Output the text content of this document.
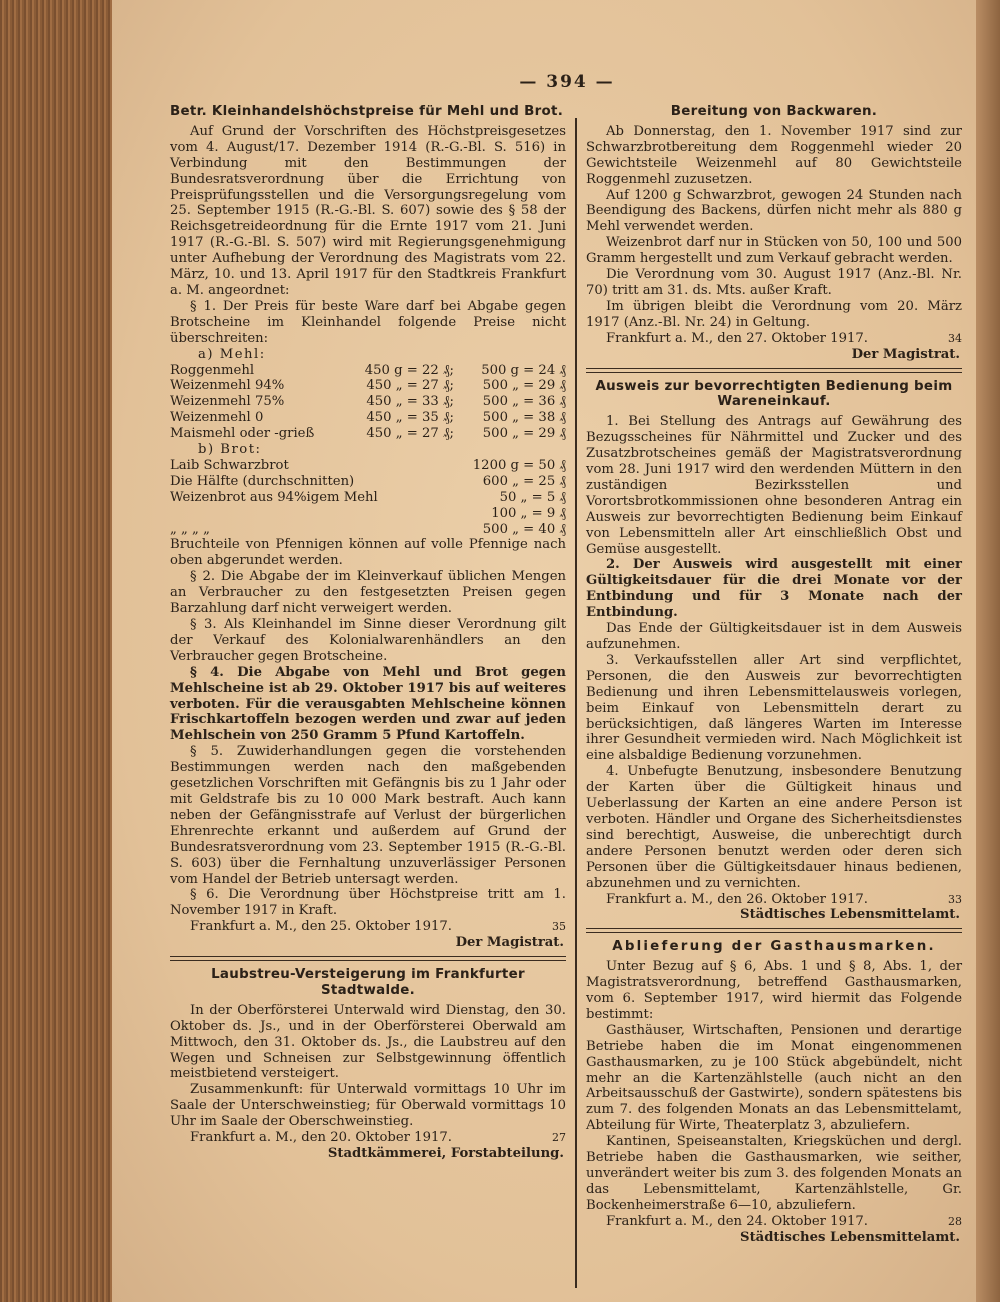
— 394 —
Betr. Kleinhandelshöchstpreise für Mehl und Brot.

Auf Grund der Vorschriften des Höchstpreisgesetzes vom 4. August/17. Dezember 1914 (R.-G.-Bl. S. 516) in Verbindung mit den Bestimmungen der Bundesratsverordnung über die Errichtung von Preisprüfungsstellen und die Versorgungsregelung vom 25. September 1915 (R.-G.-Bl. S. 607) sowie des § 58 der Reichsgetreideordnung für die Ernte 1917 vom 21. Juni 1917 (R.-G.-Bl. S. 507) wird mit Regierungsgenehmigung unter Aufhebung der Verordnung des Magistrats vom 22. März, 10. und 13. April 1917 für den Stadtkreis Frankfurt a. M. angeordnet:

§ 1. Der Preis für beste Ware darf bei Abgabe gegen Brotscheine im Kleinhandel folgende Preise nicht überschreiten:

a) Mehl:
Roggenmehl	450 g = 22 ₰;	500 g = 24 ₰
Weizenmehl 94%	450 „ = 27 ₰;	500 „ = 29 ₰
Weizenmehl 75%	450 „ = 33 ₰;	500 „ = 36 ₰
Weizenmehl 0	450 „ = 35 ₰;	500 „ = 38 ₰
Maismehl oder -grieß	450 „ = 27 ₰;	500 „ = 29 ₰
b) Brot:
Laib Schwarzbrot	1200 g = 50 ₰
Die Hälfte (durchschnitten)	600 „ = 25 ₰
Weizenbrot aus 94%igem Mehl	50 „ = 5 ₰
	100 „ = 9 ₰
„ „ „ „	500 „ = 40 ₰

Bruchteile von Pfennigen können auf volle Pfennige nach oben abgerundet werden.

§ 2. Die Abgabe der im Kleinverkauf üblichen Mengen an Verbraucher zu den festgesetzten Preisen gegen Barzahlung darf nicht verweigert werden.

§ 3. Als Kleinhandel im Sinne dieser Verordnung gilt der Verkauf des Kolonialwarenhändlers an den Verbraucher gegen Brotscheine.

§ 4. Die Abgabe von Mehl und Brot gegen Mehlscheine ist ab 29. Oktober 1917 bis auf weiteres verboten. Für die verausgabten Mehlscheine können Frischkartoffeln bezogen werden und zwar auf jeden Mehlschein von 250 Gramm 5 Pfund Kartoffeln.

§ 5. Zuwiderhandlungen gegen die vorstehenden Bestimmungen werden nach den maßgebenden gesetzlichen Vorschriften mit Gefängnis bis zu 1 Jahr oder mit Geldstrafe bis zu 10 000 Mark bestraft. Auch kann neben der Gefängnisstrafe auf Verlust der bürgerlichen Ehrenrechte erkannt und außerdem auf Grund der Bundesratsverordnung vom 23. September 1915 (R.-G.-Bl. S. 603) über die Fernhaltung unzuverlässiger Personen vom Handel der Betrieb untersagt werden.

§ 6. Die Verordnung über Höchstpreise tritt am 1. November 1917 in Kraft.

Frankfurt a. M., den 25. Oktober 1917.	35
Der Magistrat.
Laubstreu-Versteigerung im Frankfurter Stadtwalde.

In der Oberförsterei Unterwald wird Dienstag, den 30. Oktober ds. Js., und in der Oberförsterei Oberwald am Mittwoch, den 31. Oktober ds. Js., die Laubstreu auf den Wegen und Schneisen zur Selbstgewinnung öffentlich meistbietend versteigert.

Zusammenkunft: für Unterwald vormittags 10 Uhr im Saale der Unterschweinstieg; für Oberwald vormittags 10 Uhr im Saale der Oberschweinstieg.

Frankfurt a. M., den 20. Oktober 1917.	27
Stadtkämmerei, Forstabteilung.
Bereitung von Backwaren.

Ab Donnerstag, den 1. November 1917 sind zur Schwarzbrotbereitung dem Roggenmehl wieder 20 Gewichtsteile Weizenmehl auf 80 Gewichtsteile Roggenmehl zuzusetzen.

Auf 1200 g Schwarzbrot, gewogen 24 Stunden nach Beendigung des Backens, dürfen nicht mehr als 880 g Mehl verwendet werden.

Weizenbrot darf nur in Stücken von 50, 100 und 500 Gramm hergestellt und zum Verkauf gebracht werden.

Die Verordnung vom 30. August 1917 (Anz.-Bl. Nr. 70) tritt am 31. ds. Mts. außer Kraft.

Im übrigen bleibt die Verordnung vom 20. März 1917 (Anz.-Bl. Nr. 24) in Geltung.

Frankfurt a. M., den 27. Oktober 1917.	34
Der Magistrat.
Ausweis zur bevorrechtigten Bedienung beim Wareneinkauf.

1. Bei Stellung des Antrags auf Gewährung des Bezugsscheines für Nährmittel und Zucker und des Zusatzbrotscheines gemäß der Magistratsverordnung vom 28. Juni 1917 wird den werdenden Müttern in den zuständigen Bezirksstellen und Vorortsbrotkommissionen ohne besonderen Antrag ein Ausweis zur bevorrechtigten Bedienung beim Einkauf von Lebensmitteln aller Art einschließlich Obst und Gemüse ausgestellt.

2. Der Ausweis wird ausgestellt mit einer Gültigkeitsdauer für die drei Monate vor der Entbindung und für 3 Monate nach der Entbindung.

Das Ende der Gültigkeitsdauer ist in dem Ausweis aufzunehmen.

3. Verkaufsstellen aller Art sind verpflichtet, Personen, die den Ausweis zur bevorrechtigten Bedienung und ihren Lebensmittelausweis vorlegen, beim Einkauf von Lebensmitteln derart zu berücksichtigen, daß längeres Warten im Interesse ihrer Gesundheit vermieden wird. Nach Möglichkeit ist eine alsbaldige Bedienung vorzunehmen.

4. Unbefugte Benutzung, insbesondere Benutzung der Karten über die Gültigkeit hinaus und Ueberlassung der Karten an eine andere Person ist verboten. Händler und Organe des Sicherheitsdienstes sind berechtigt, Ausweise, die unberechtigt durch andere Personen benutzt werden oder deren sich Personen über die Gültigkeitsdauer hinaus bedienen, abzunehmen und zu vernichten.

Frankfurt a. M., den 26. Oktober 1917.	33
Städtisches Lebensmittelamt.
Ablieferung der Gasthausmarken.

Unter Bezug auf § 6, Abs. 1 und § 8, Abs. 1, der Magistratsverordnung, betreffend Gasthausmarken, vom 6. September 1917, wird hiermit das Folgende bestimmt:

Gasthäuser, Wirtschaften, Pensionen und derartige Betriebe haben die im Monat eingenommenen Gasthausmarken, zu je 100 Stück abgebündelt, nicht mehr an die Kartenzählstelle (auch nicht an den Arbeitsausschuß der Gastwirte), sondern spätestens bis zum 7. des folgenden Monats an das Lebensmittelamt, Abteilung für Wirte, Theaterplatz 3, abzuliefern.

Kantinen, Speiseanstalten, Kriegsküchen und dergl. Betriebe haben die Gasthausmarken, wie seither, unverändert weiter bis zum 3. des folgenden Monats an das Lebensmittelamt, Kartenzählstelle, Gr. Bockenheimerstraße 6—10, abzuliefern.

Frankfurt a. M., den 24. Oktober 1917.	28
Städtisches Lebensmittelamt.
